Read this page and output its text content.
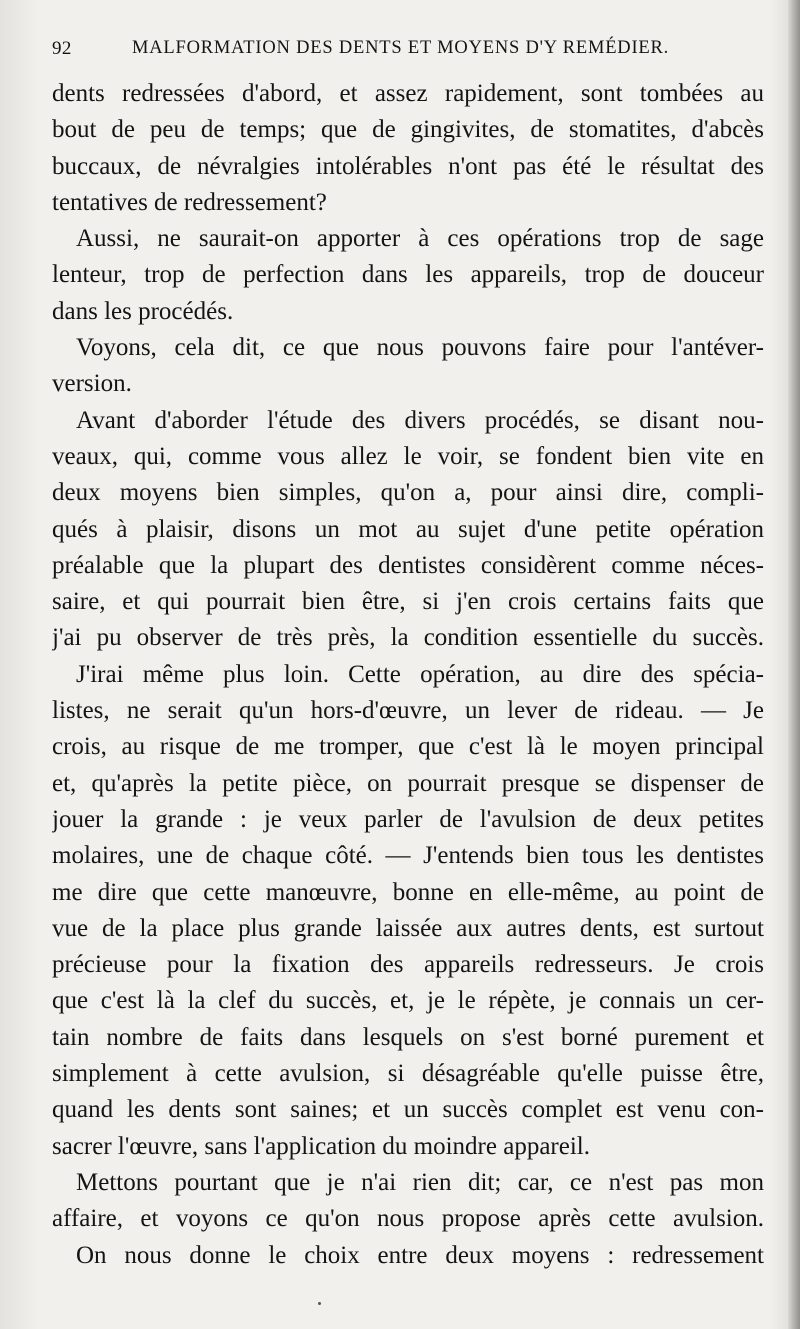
92	MALFORMATION DES DENTS ET MOYENS D'Y REMÉDIER.
dents redressées d'abord, et assez rapidement, sont tombées au
bout de peu de temps; que de gingivites, de stomatites, d'abcès
buccaux, de névralgies intolérables n'ont pas été le résultat des
tentatives de redressement?
Aussi, ne saurait-on apporter à ces opérations trop de sage
lenteur, trop de perfection dans les appareils, trop de douceur
dans les procédés.
Voyons, cela dit, ce que nous pouvons faire pour l'antéver-
version.
Avant d'aborder l'étude des divers procédés, se disant nou-
veaux, qui, comme vous allez le voir, se fondent bien vite en
deux moyens bien simples, qu'on a, pour ainsi dire, compli-
qués à plaisir, disons un mot au sujet d'une petite opération
préalable que la plupart des dentistes considèrent comme néces-
saire, et qui pourrait bien être, si j'en crois certains faits que
j'ai pu observer de très près, la condition essentielle du succès.
J'irai même plus loin. Cette opération, au dire des spécia-
listes, ne serait qu'un hors-d'œuvre, un lever de rideau. — Je
crois, au risque de me tromper, que c'est là le moyen principal
et, qu'après la petite pièce, on pourrait presque se dispenser de
jouer la grande : je veux parler de l'avulsion de deux petites
molaires, une de chaque côté. — J'entends bien tous les dentistes
me dire que cette manœuvre, bonne en elle-même, au point de
vue de la place plus grande laissée aux autres dents, est surtout
précieuse pour la fixation des appareils redresseurs. Je crois
que c'est là la clef du succès, et, je le répète, je connais un cer-
tain nombre de faits dans lesquels on s'est borné purement et
simplement à cette avulsion, si désagréable qu'elle puisse être,
quand les dents sont saines; et un succès complet est venu con-
sacrer l'œuvre, sans l'application du moindre appareil.
Mettons pourtant que je n'ai rien dit; car, ce n'est pas mon
affaire, et voyons ce qu'on nous propose après cette avulsion.
On nous donne le choix entre deux moyens : redressement
